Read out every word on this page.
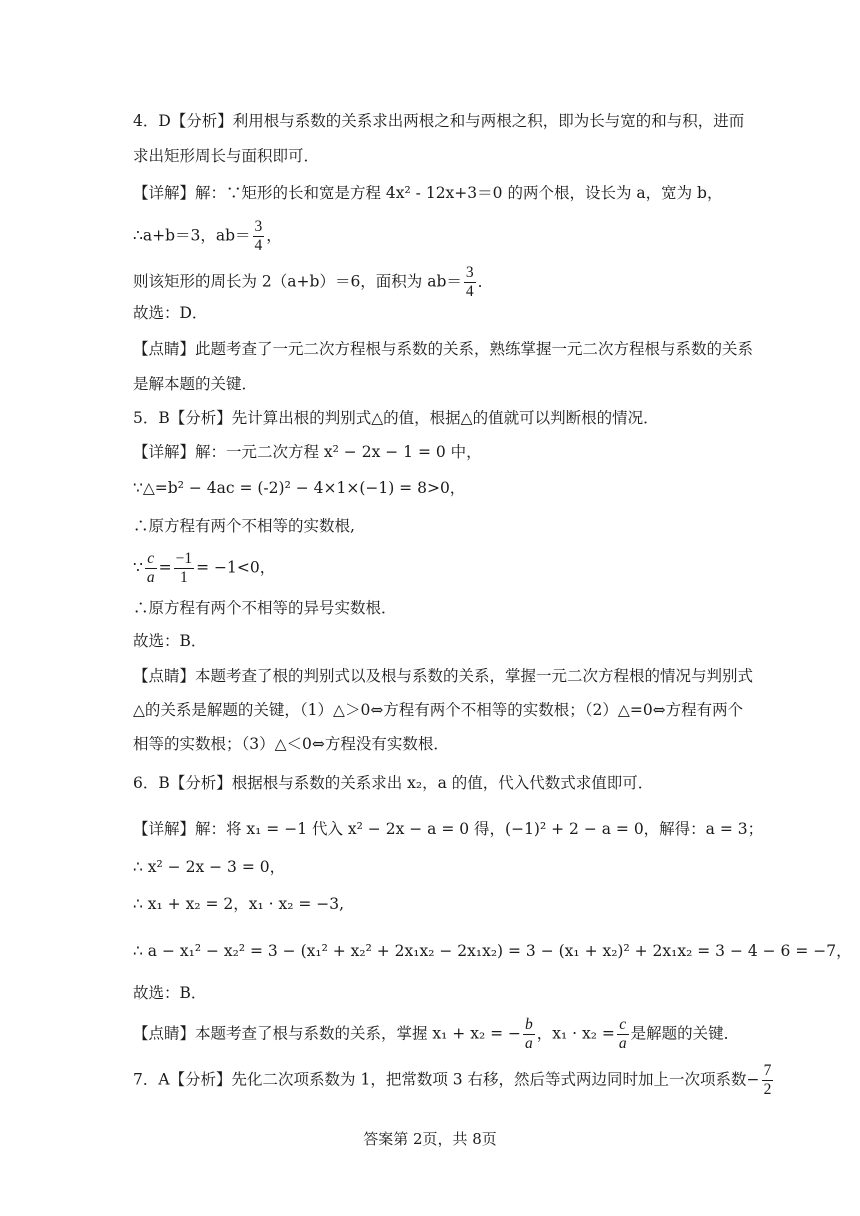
4．D【分析】利用根与系数的关系求出两根之和与两根之积，即为长与宽的和与积，进而
求出矩形周长与面积即可．
【详解】解：∵矩形的长和宽是方程 4x² - 12x+3＝0 的两个根，设长为 a，宽为 b，
∴a+b＝3，$ab= \frac{3}{4}$ ，
则该矩形的周长为 2（a+b）＝6，面积为 $ab= \frac{3}{4}$ ．
故选：D．
【点睛】此题考查了一元二次方程根与系数的关系，熟练掌握一元二次方程根与系数的关系
是解本题的关键．
5．B【分析】先计算出根的判别式△的值，根据△的值就可以判断根的情况．
【详解】解：一元二次方程 x² − 2x − 1 = 0 中，
∵△=b² − 4ac = (-2)² − 4×1×(−1) = 8>0，
∴原方程有两个不相等的实数根,
∵ $\frac{c}{a} = \frac{-1}{1} = -1<0$，
∴原方程有两个不相等的异号实数根．
故选：B．
【点睛】本题考查了根的判别式以及根与系数的关系，掌握一元二次方程根的情况与判别式
△的关系是解题的关键，（1）△＞0⇔方程有两个不相等的实数根；（2）△=0⇔方程有两个
相等的实数根；（3）△＜0⇔方程没有实数根．
6．B【分析】根据根与系数的关系求出 x₂，a 的值，代入代数式求值即可．
【详解】解：将 x₁ = −1 代入 x² − 2x − a = 0 得，(−1)² + 2 − a = 0，解得：a = 3；
∴ x² − 2x − 3 = 0，
∴ x₁ + x₂ = 2，x₁ · x₂ = −3,
∴ a − x₁² − x₂² = 3 − (x₁² + x₂² + 2x₁x₂ − 2x₁x₂) = 3 − (x₁ + x₂)² + 2x₁x₂ = 3 − 4 − 6 = −7，
故选：B．
【点睛】本题考查了根与系数的关系，掌握 x₁ + x₂ = − $\frac{b}{a}$ ，$x_1 \cdot x_2 = \frac{c}{a}$ 是解题的关键．
7．A【分析】先化二次项系数为 1，把常数项 3 右移，然后等式两边同时加上一次项系数− $\frac{7}{2}$
答案第 2页，共 8页
